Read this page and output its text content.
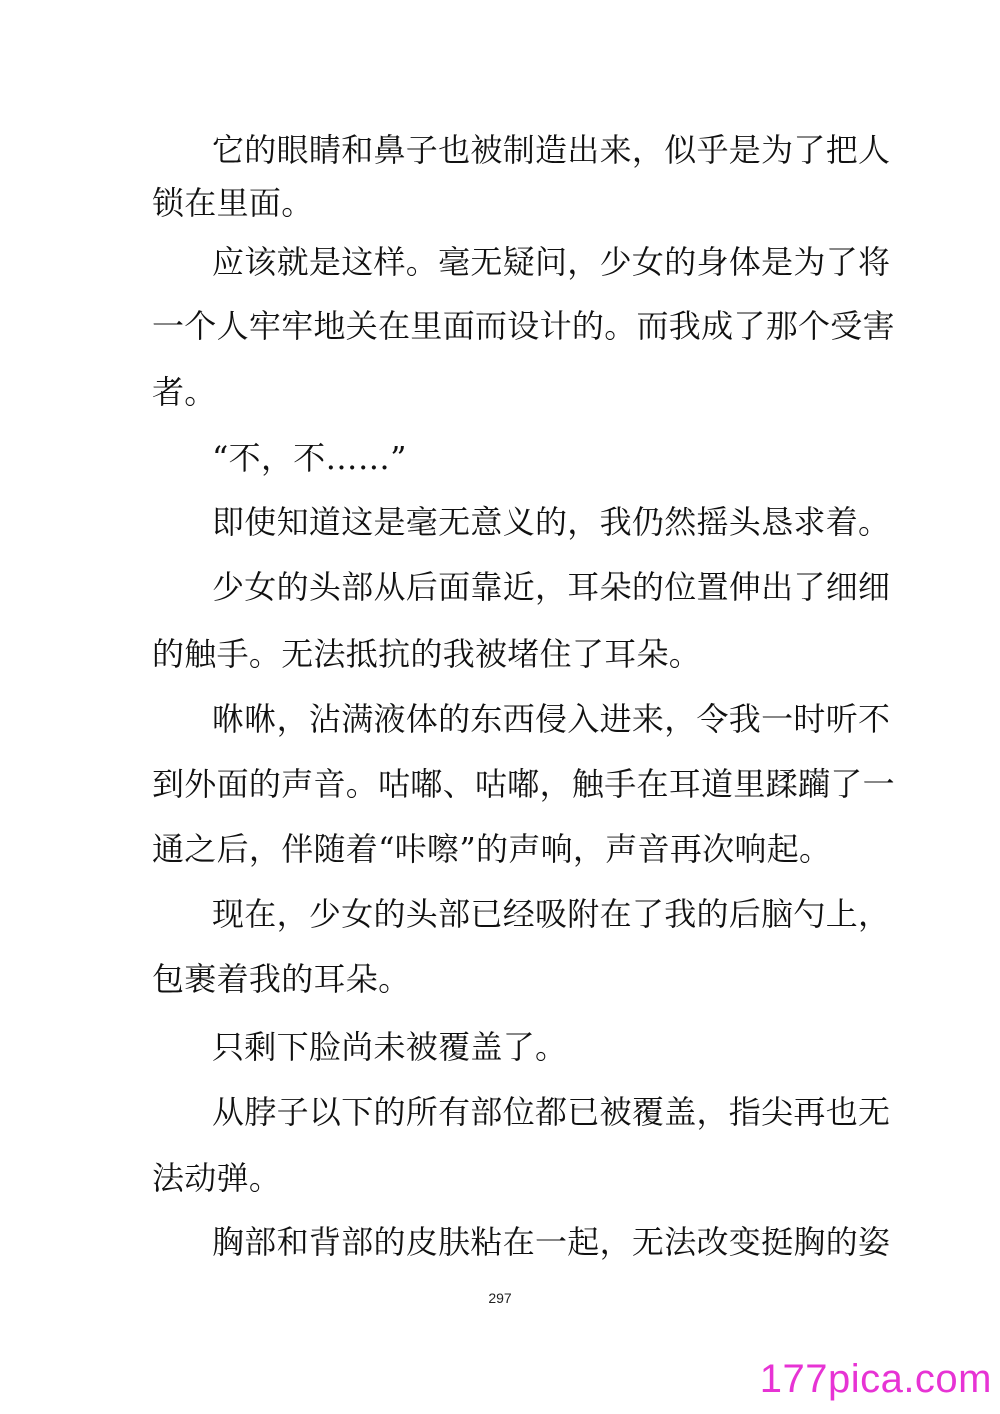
它的眼睛和鼻子也被制造出来，似乎是为了把人
锁在里面。
应该就是这样。毫无疑问，少女的身体是为了将
一个人牢牢地关在里面而设计的。而我成了那个受害
者。
“不，不……”
即使知道这是毫无意义的，我仍然摇头恳求着。
少女的头部从后面靠近，耳朵的位置伸出了细细
的触手。无法抵抗的我被堵住了耳朵。
咻咻，沾满液体的东西侵入进来，令我一时听不
到外面的声音。咕嘟、咕嘟，触手在耳道里蹂躏了一
通之后，伴随着“咔嚓”的声响，声音再次响起。
现在，少女的头部已经吸附在了我的后脑勺上，
包裹着我的耳朵。
只剩下脸尚未被覆盖了。
从脖子以下的所有部位都已被覆盖，指尖再也无
法动弹。
胸部和背部的皮肤粘在一起，无法改变挺胸的姿
297
177pica.com
